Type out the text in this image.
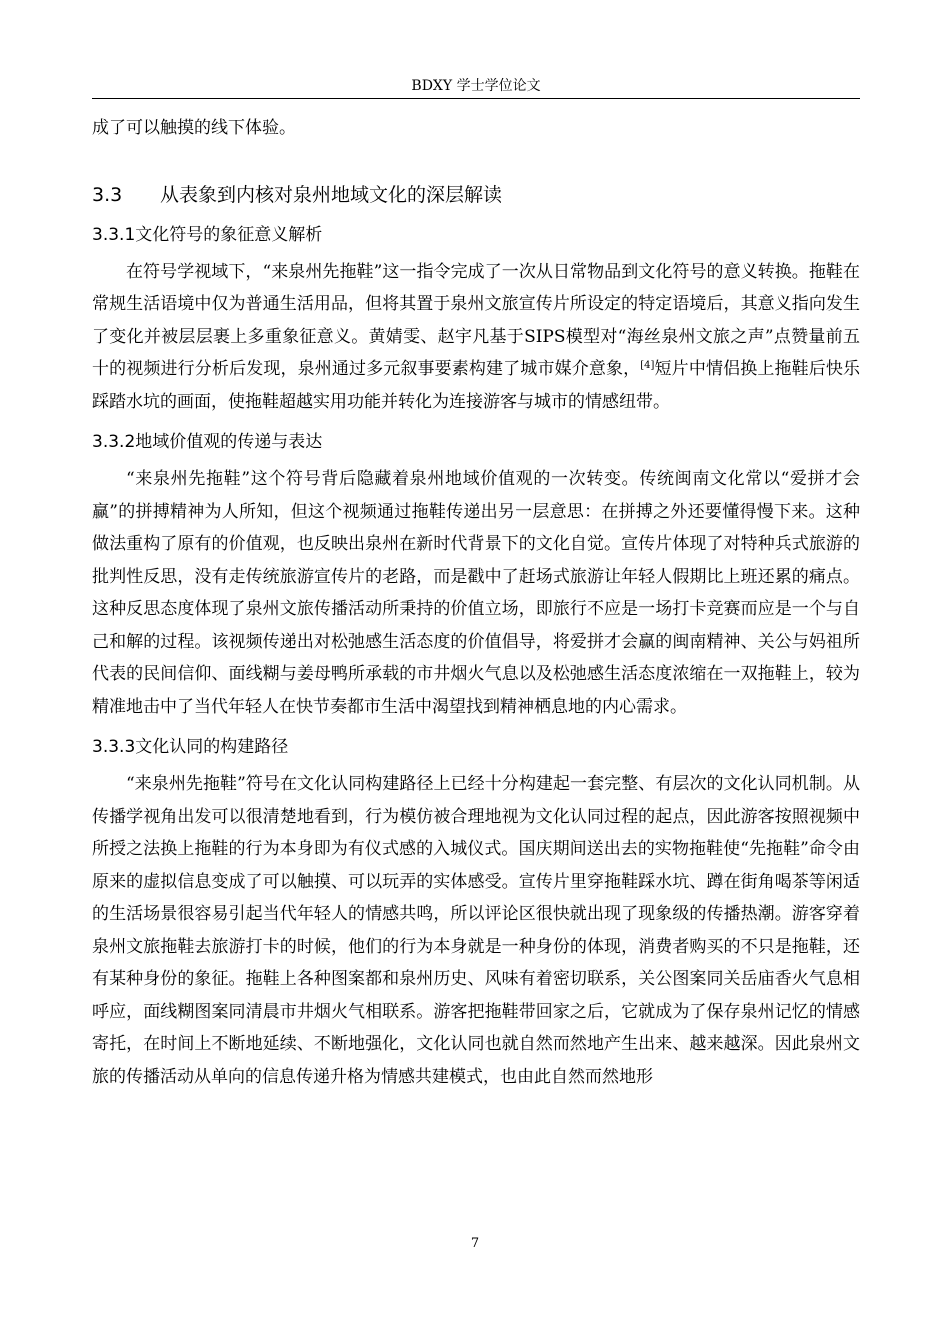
BDXY 学士学位论文

成了可以触摸的线下体验。

3.3 从表象到内核对泉州地域文化的深层解读
3.3.1文化符号的象征意义解析

在符号学视域下，“来泉州先拖鞋”这一指令完成了一次从日常物品到文化符号的意义转换。拖鞋在常规生活语境中仅为普通生活用品，但将其置于泉州文旅宣传片所设定的特定语境后，其意义指向发生了变化并被层层裹上多重象征意义。黄婧雯、赵宇凡基于SIPS模型对“海丝泉州文旅之声”点赞量前五十的视频进行分析后发现，泉州通过多元叙事要素构建了城市媒介意象，[4]短片中情侣换上拖鞋后快乐踩踏水坑的画面，使拖鞋超越实用功能并转化为连接游客与城市的情感纽带。

3.3.2地域价值观的传递与表达

“来泉州先拖鞋”这个符号背后隐藏着泉州地域价值观的一次转变。传统闽南文化常以“爱拼才会赢”的拼搏精神为人所知，但这个视频通过拖鞋传递出另一层意思：在拼搏之外还要懂得慢下来。这种做法重构了原有的价值观，也反映出泉州在新时代背景下的文化自觉。宣传片体现了对特种兵式旅游的批判性反思，没有走传统旅游宣传片的老路，而是戳中了赶场式旅游让年轻人假期比上班还累的痛点。这种反思态度体现了泉州文旅传播活动所秉持的价值立场，即旅行不应是一场打卡竞赛而应是一个与自己和解的过程。该视频传递出对松弛感生活态度的价值倡导，将爱拼才会赢的闽南精神、关公与妈祖所代表的民间信仰、面线糊与姜母鸭所承载的市井烟火气息以及松弛感生活态度浓缩在一双拖鞋上，较为精准地击中了当代年轻人在快节奏都市生活中渴望找到精神栖息地的内心需求。

3.3.3文化认同的构建路径

“来泉州先拖鞋”符号在文化认同构建路径上已经十分构建起一套完整、有层次的文化认同机制。从传播学视角出发可以很清楚地看到，行为模仿被合理地视为文化认同过程的起点，因此游客按照视频中所授之法换上拖鞋的行为本身即为有仪式感的入城仪式。国庆期间送出去的实物拖鞋使“先拖鞋”命令由原来的虚拟信息变成了可以触摸、可以玩弄的实体感受。宣传片里穿拖鞋踩水坑、蹲在街角喝茶等闲适的生活场景很容易引起当代年轻人的情感共鸣，所以评论区很快就出现了现象级的传播热潮。游客穿着泉州文旅拖鞋去旅游打卡的时候，他们的行为本身就是一种身份的体现，消费者购买的不只是拖鞋，还有某种身份的象征。拖鞋上各种图案都和泉州历史、风味有着密切联系，关公图案同关岳庙香火气息相呼应，面线糊图案同清晨市井烟火气相联系。游客把拖鞋带回家之后，它就成为了保存泉州记忆的情感寄托，在时间上不断地延续、不断地强化，文化认同也就自然而然地产生出来、越来越深。因此泉州文旅的传播活动从单向的信息传递升格为情感共建模式，也由此自然而然地形

7
